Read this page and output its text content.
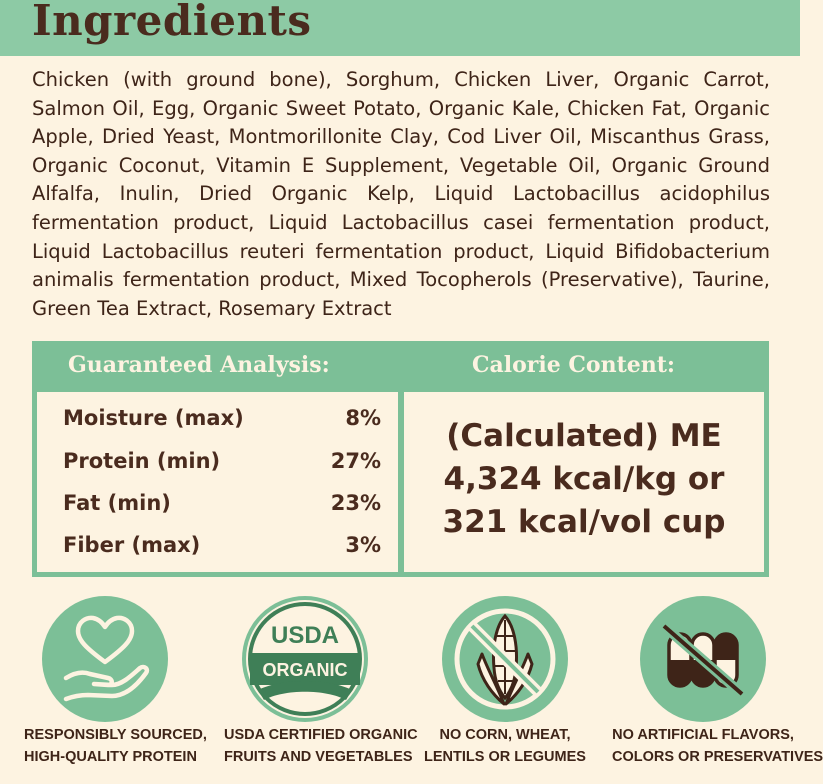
Ingredients

Chicken (with ground bone), Sorghum, Chicken Liver, Organic Carrot, Salmon Oil, Egg, Organic Sweet Potato, Organic Kale, Chicken Fat, Organic Apple, Dried Yeast, Montmorillonite Clay, Cod Liver Oil, Miscanthus Grass, Organic Coconut, Vitamin E Supplement, Vegetable Oil, Organic Ground Alfalfa, Inulin, Dried Organic Kelp, Liquid Lactobacillus acidophilus fermentation product, Liquid Lactobacillus casei fermentation product, Liquid Lactobacillus reuteri fermentation product, Liquid Bifidobacterium animalis fermentation product, Mixed Tocopherols (Preservative), Taurine, Green Tea Extract, Rosemary Extract

Guaranteed Analysis:	Calorie Content:
Moisture (max)	8%
Protein (min)	27%
Fat (min)	23%
Fiber (max)	3%
(Calculated) ME
4,324 kcal/kg or
321 kcal/vol cup
USDA
ORGANIC
RESPONSIBLY SOURCED,
HIGH-QUALITY PROTEIN
USDA CERTIFIED ORGANIC
FRUITS AND VEGETABLES
NO CORN, WHEAT,
LENTILS OR LEGUMES
NO ARTIFICIAL FLAVORS,
COLORS OR PRESERVATIVES
